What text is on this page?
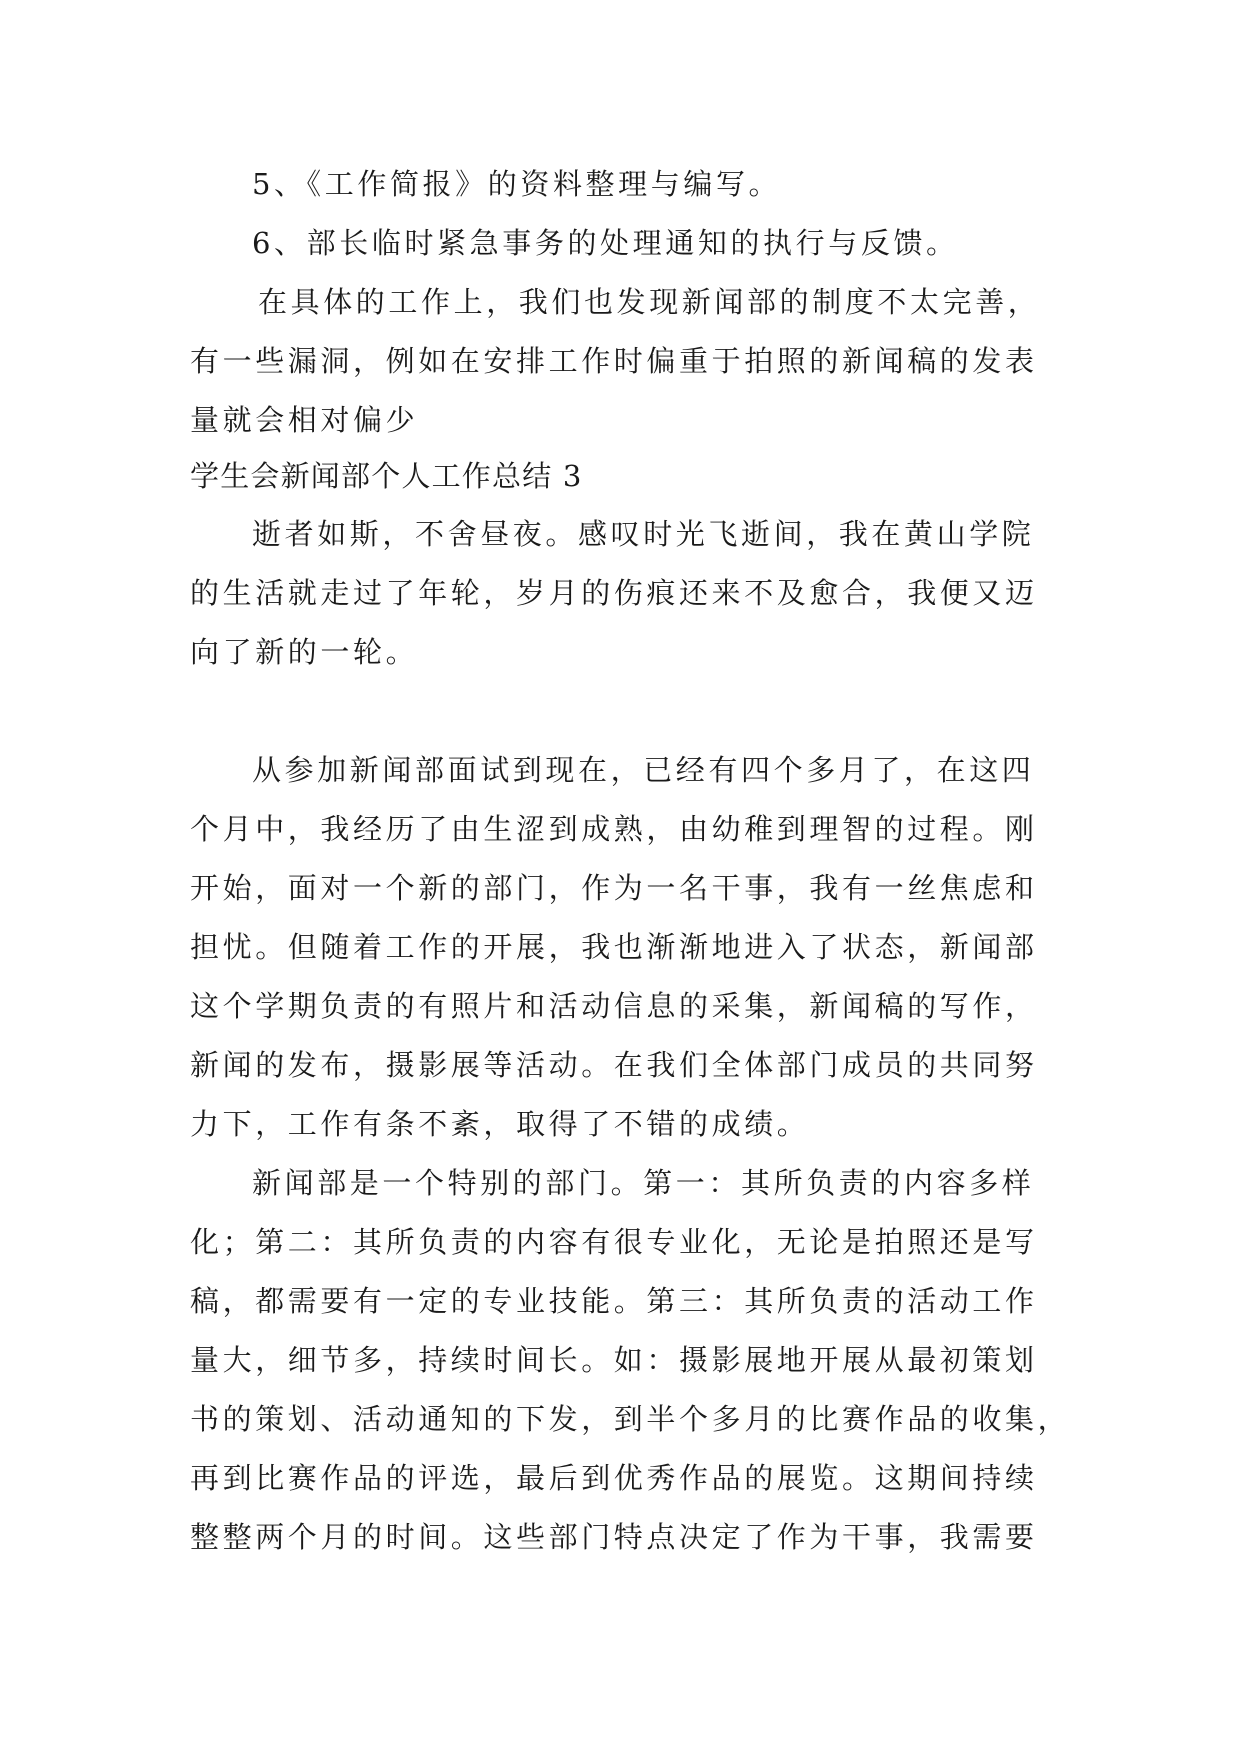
5、《工作简报》的资料整理与编写。
6、部长临时紧急事务的处理通知的执行与反馈。
在具体的工作上，我们也发现新闻部的制度不太完善，
有一些漏洞，例如在安排工作时偏重于拍照的新闻稿的发表
量就会相对偏少
学生会新闻部个人工作总结 3
逝者如斯，不舍昼夜。感叹时光飞逝间，我在黄山学院
的生活就走过了年轮，岁月的伤痕还来不及愈合，我便又迈
向了新的一轮。
从参加新闻部面试到现在，已经有四个多月了，在这四
个月中，我经历了由生涩到成熟，由幼稚到理智的过程。刚
开始，面对一个新的部门，作为一名干事，我有一丝焦虑和
担忧。但随着工作的开展，我也渐渐地进入了状态，新闻部
这个学期负责的有照片和活动信息的采集，新闻稿的写作，
新闻的发布，摄影展等活动。在我们全体部门成员的共同努
力下，工作有条不紊，取得了不错的成绩。
新闻部是一个特别的部门。第一：其所负责的内容多样
化；第二：其所负责的内容有很专业化，无论是拍照还是写
稿，都需要有一定的专业技能。第三：其所负责的活动工作
量大，细节多，持续时间长。如：摄影展地开展从最初策划
书的策划、活动通知的下发，到半个多月的比赛作品的收集，
再到比赛作品的评选，最后到优秀作品的展览。这期间持续
整整两个月的时间。这些部门特点决定了作为干事，我需要
